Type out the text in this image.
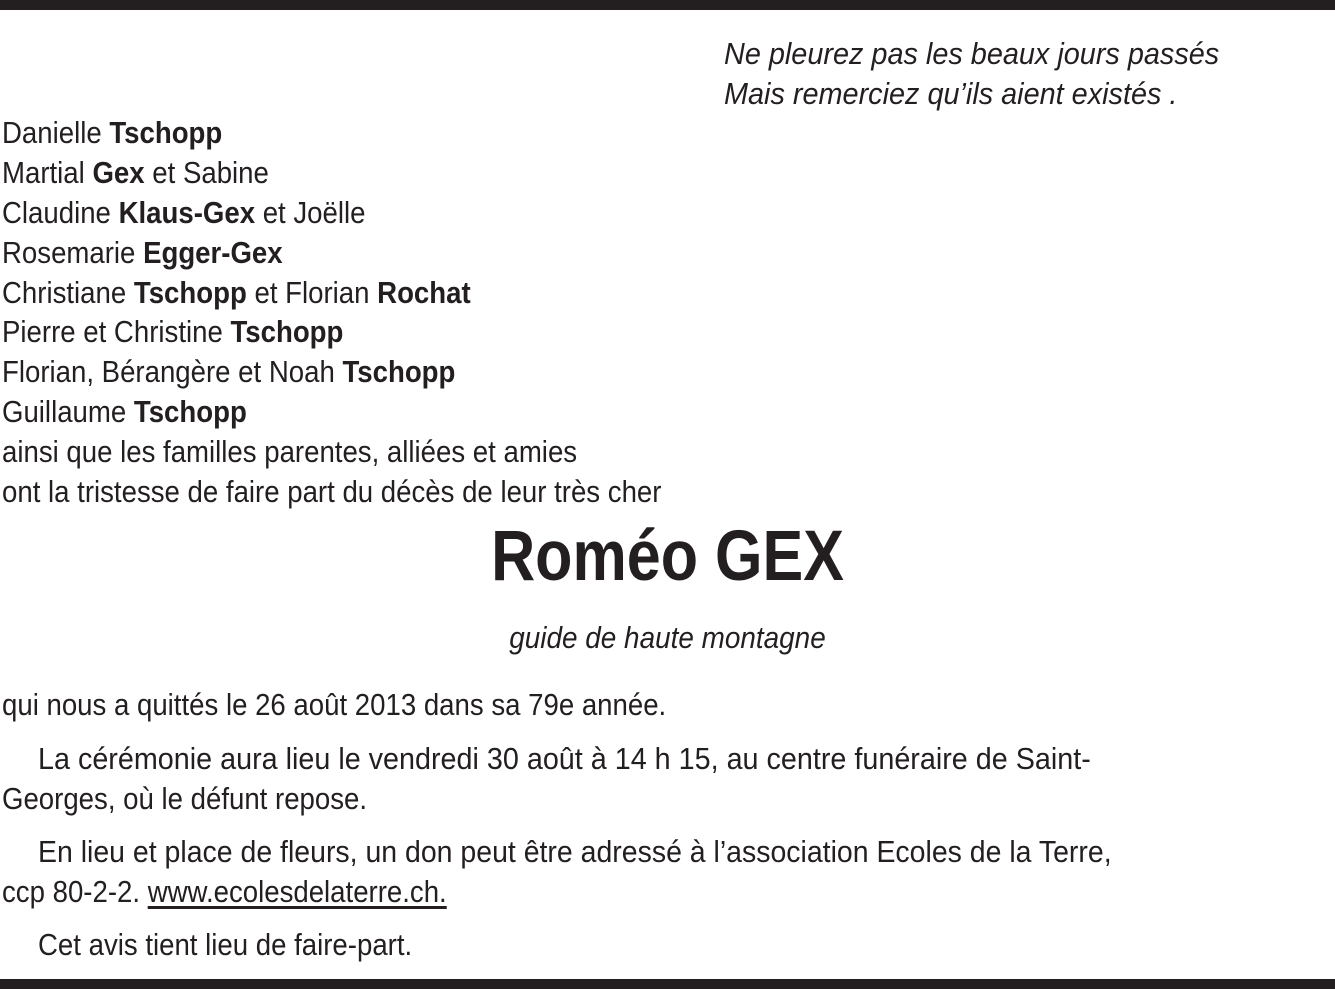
Ne pleurez pas les beaux jours passés
Mais remerciez qu’ils aient existés .
Danielle Tschopp
Martial Gex et Sabine
Claudine Klaus-Gex et Joëlle
Rosemarie Egger-Gex
Christiane Tschopp et Florian Rochat
Pierre et Christine Tschopp
Florian, Bérangère et Noah Tschopp
Guillaume Tschopp
ainsi que les familles parentes, alliées et amies
ont la tristesse de faire part du décès de leur très cher
Roméo GEX
guide de haute montagne
qui nous a quittés le 26 août 2013 dans sa 79e année.
La cérémonie aura lieu le vendredi 30 août à 14 h 15, au centre funéraire de Saint-
Georges, où le défunt repose.
En lieu et place de fleurs, un don peut être adressé à l’association Ecoles de la Terre,
ccp 80-2-2. www.ecolesdelaterre.ch.
Cet avis tient lieu de faire-part.
